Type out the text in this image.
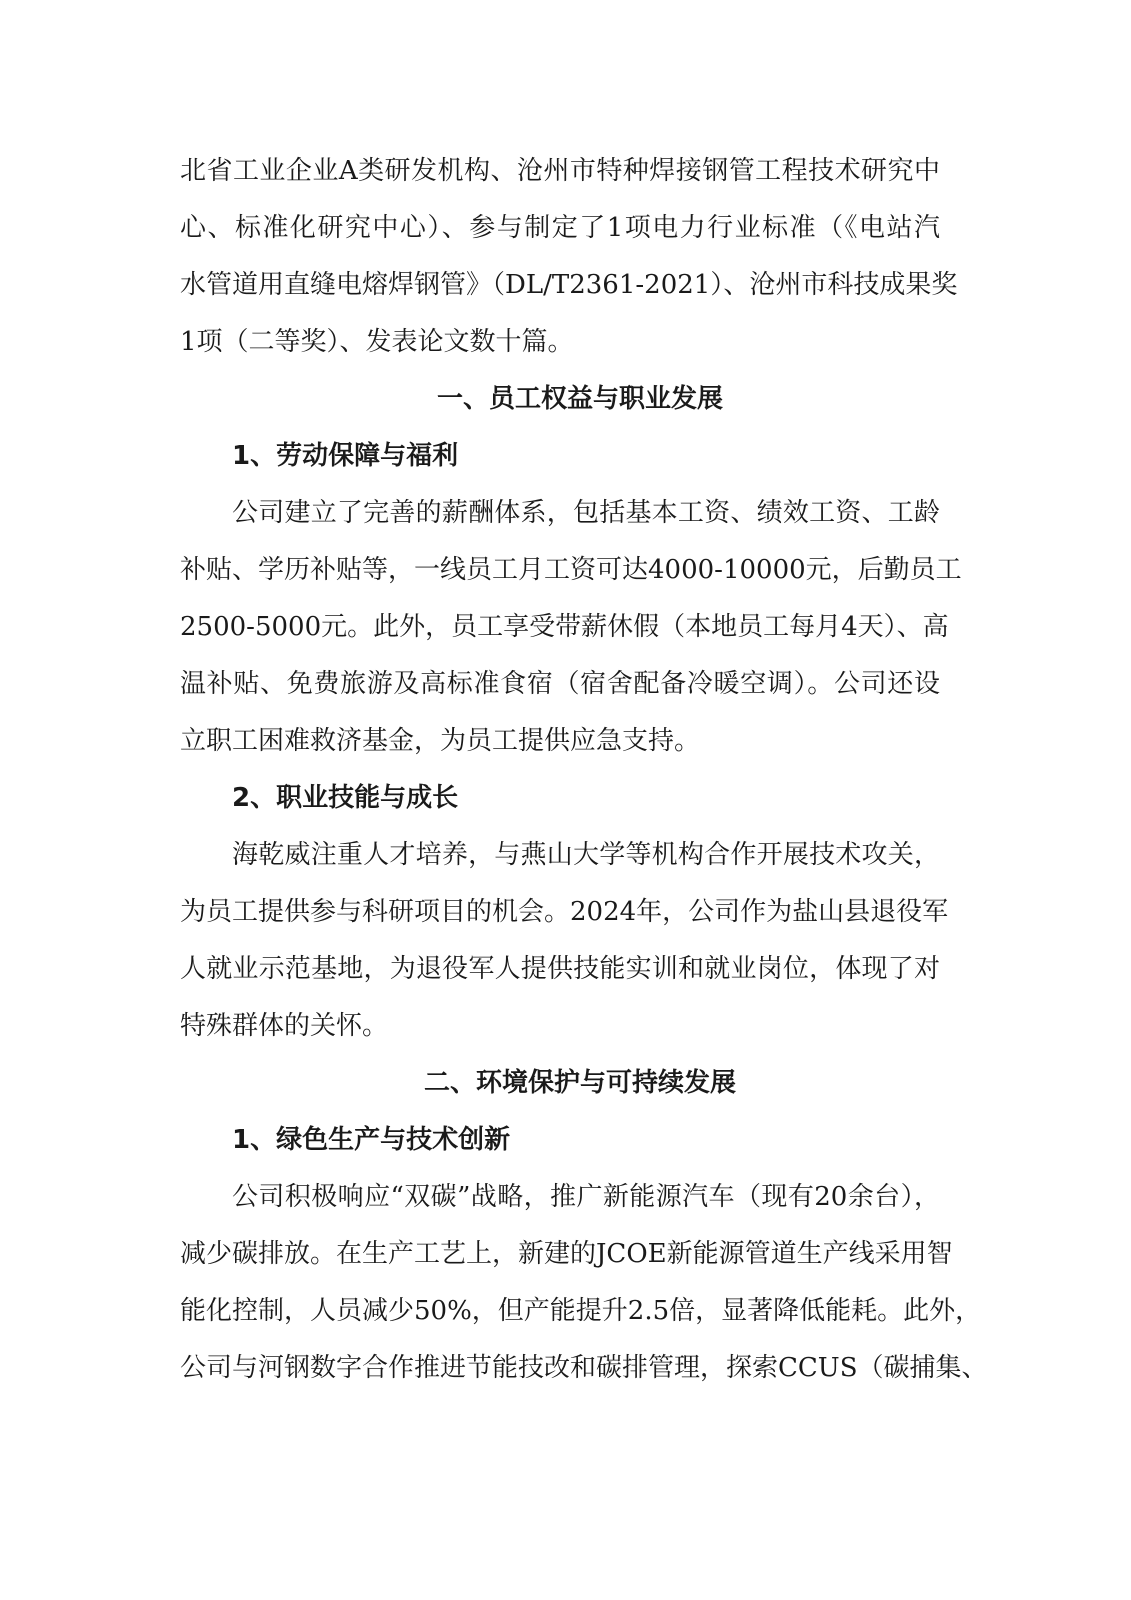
北省工业企业A类研发机构、沧州市特种焊接钢管工程技术研究中

心、标准化研究中心）、参与制定了1项电力行业标准（《电站汽

水管道用直缝电熔焊钢管》（DL/T2361-2021）、沧州市科技成果奖

1项（二等奖）、发表论文数十篇。

一、员工权益与职业发展
1、劳动保障与福利

公司建立了完善的薪酬体系，包括基本工资、绩效工资、工龄

补贴、学历补贴等，一线员工月工资可达4000-10000元，后勤员工

2500-5000元。此外，员工享受带薪休假（本地员工每月4天）、高

温补贴、免费旅游及高标准食宿（宿舍配备冷暖空调）。公司还设

立职工困难救济基金，为员工提供应急支持。

2、职业技能与成长

海乾威注重人才培养，与燕山大学等机构合作开展技术攻关，

为员工提供参与科研项目的机会。2024年，公司作为盐山县退役军

人就业示范基地，为退役军人提供技能实训和就业岗位，体现了对

特殊群体的关怀。

二、环境保护与可持续发展
1、绿色生产与技术创新

公司积极响应“双碳”战略，推广新能源汽车（现有20余台），

减少碳排放。在生产工艺上，新建的JCOE新能源管道生产线采用智

能化控制，人员减少50%，但产能提升2.5倍，显著降低能耗。此外，

公司与河钢数字合作推进节能技改和碳排管理，探索CCUS（碳捕集、
